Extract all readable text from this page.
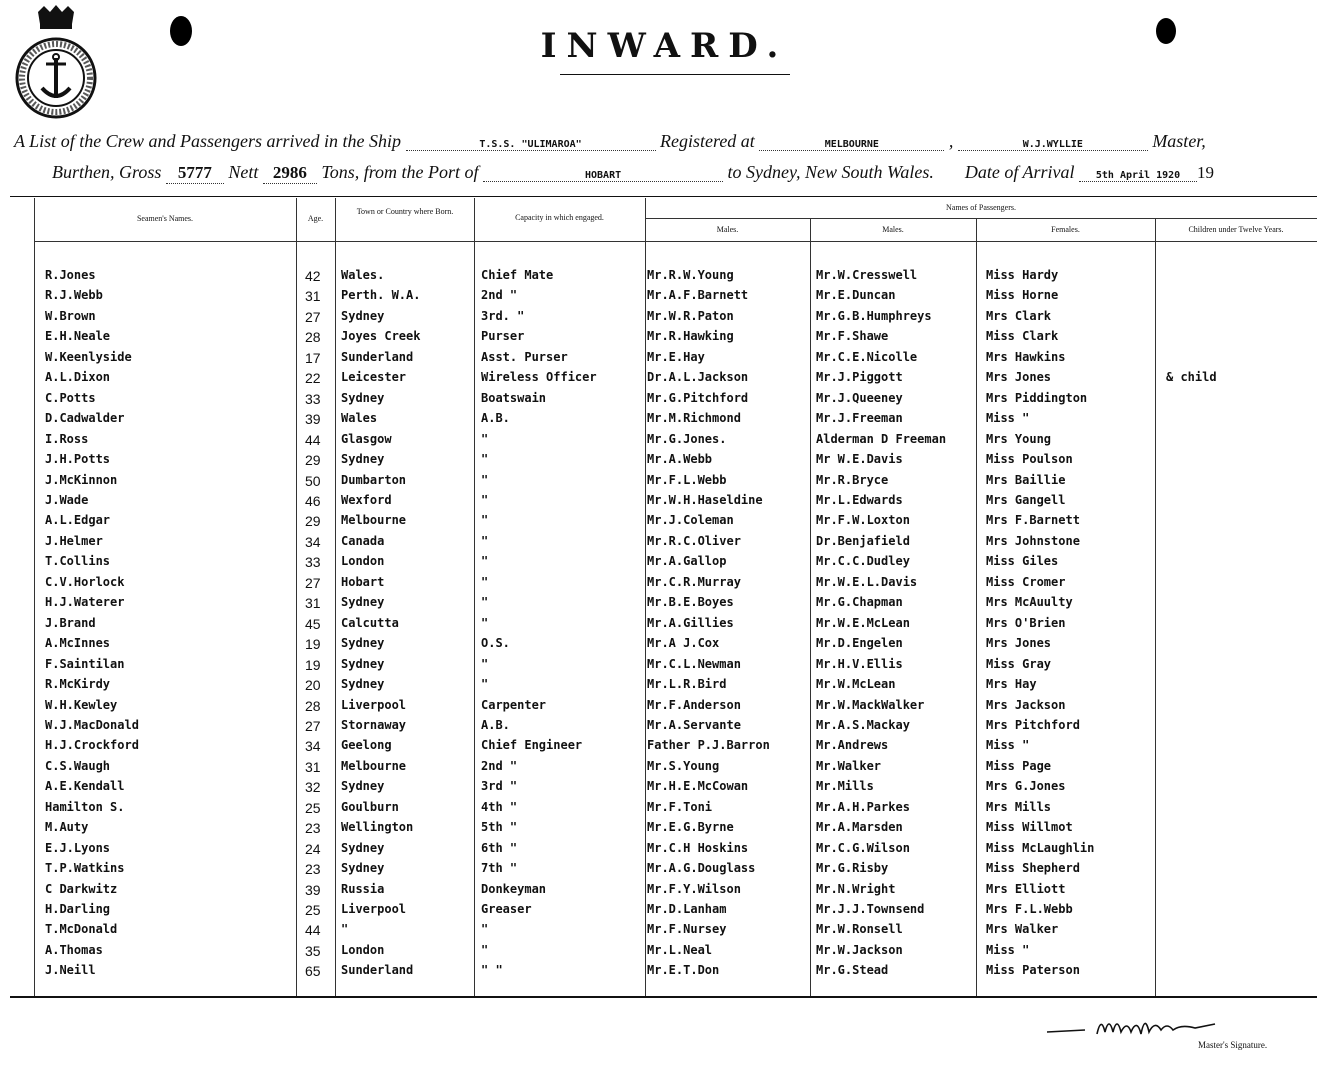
INWARD.
A List of the Crew and Passengers arrived in the Ship	T.S.S. "ULIMAROA"	Registered at	MELBOURNE	,	W.J.WYLLIE	Master,
Burthen, Gross 5777 Nett 2986 Tons, from the Port of	HOBART	to Sydney, New South Wales. Date of Arrival 5th April 1920 19
Seamen's Names.	Age.
Town or Country where Born.
Capacity in which engaged.
Names of Passengers.
Males.	Males.	Females.	Children under Twelve Years.
R.Jones	42 Wales.	Chief Mate	Mr.R.W.Young	Mr.W.Cresswell	Miss Hardy
R.J.Webb	31 Perth. W.A.	2nd "	Mr.A.F.Barnett	Mr.E.Duncan	Miss Horne
W.Brown	27 Sydney	3rd. "	Mr.W.R.Paton	Mr.G.B.Humphreys	Mrs Clark
E.H.Neale	28 Joyes Creek	Purser	Mr.R.Hawking	Mr.F.Shawe	Miss Clark
W.Keenlyside	17 Sunderland	Asst. Purser	Mr.E.Hay	Mr.C.E.Nicolle	Mrs Hawkins
A.L.Dixon	22 Leicester	Wireless Officer	Dr.A.L.Jackson	Mr.J.Piggott	Mrs Jones	& child
C.Potts	33 Sydney	Boatswain	Mr.G.Pitchford	Mr.J.Queeney	Mrs Piddington
D.Cadwalder	39 Wales	A.B.	Mr.M.Richmond	Mr.J.Freeman	Miss "
I.Ross	44 Glasgow	"	Mr.G.Jones.	Alderman D Freeman	Mrs Young
J.H.Potts	29 Sydney	"	Mr.A.Webb	Mr W.E.Davis	Miss Poulson
J.McKinnon	50 Dumbarton	"	Mr.F.L.Webb	Mr.R.Bryce	Mrs Baillie
J.Wade	46 Wexford	"	Mr.W.H.Haseldine	Mr.L.Edwards	Mrs Gangell
A.L.Edgar	29 Melbourne	"	Mr.J.Coleman	Mr.F.W.Loxton	Mrs F.Barnett
J.Helmer	34 Canada	"	Mr.R.C.Oliver	Dr.Benjafield	Mrs Johnstone
T.Collins	33 London	"	Mr.A.Gallop	Mr.C.C.Dudley	Miss Giles
C.V.Horlock	27 Hobart	"	Mr.C.R.Murray	Mr.W.E.L.Davis	Miss Cromer
H.J.Waterer	31 Sydney	"	Mr.B.E.Boyes	Mr.G.Chapman	Mrs McAuulty
J.Brand	45 Calcutta	"	Mr.A.Gillies	Mr.W.E.McLean	Mrs O'Brien
A.McInnes	19 Sydney	O.S.	Mr.A J.Cox	Mr.D.Engelen	Mrs Jones
F.Saintilan	19 Sydney	"	Mr.C.L.Newman	Mr.H.V.Ellis	Miss Gray
R.McKirdy	20 Sydney	"	Mr.L.R.Bird	Mr.W.McLean	Mrs Hay
W.H.Kewley	28 Liverpool	Carpenter	Mr.F.Anderson	Mr.W.MackWalker	Mrs Jackson
W.J.MacDonald	27 Stornaway	A.B.	Mr.A.Servante	Mr.A.S.Mackay	Mrs Pitchford
H.J.Crockford	34 Geelong	Chief Engineer	Father P.J.Barron	Mr.Andrews	Miss "
C.S.Waugh	31 Melbourne	2nd "	Mr.S.Young	Mr.Walker	Miss Page
A.E.Kendall	32 Sydney	3rd "	Mr.H.E.McCowan	Mr.Mills	Mrs G.Jones
Hamilton S.	25 Goulburn	4th "	Mr.F.Toni	Mr.A.H.Parkes	Mrs Mills
M.Auty	23 Wellington	5th "	Mr.E.G.Byrne	Mr.A.Marsden	Miss Willmot
E.J.Lyons	24 Sydney	6th "	Mr.C.H Hoskins	Mr.C.G.Wilson	Miss McLaughlin
T.P.Watkins	23 Sydney	7th "	Mr.A.G.Douglass	Mr.G.Risby	Miss Shepherd
C Darkwitz	39 Russia	Donkeyman	Mr.F.Y.Wilson	Mr.N.Wright	Mrs Elliott
H.Darling	25 Liverpool	Greaser	Mr.D.Lanham	Mr.J.J.Townsend	Mrs F.L.Webb
T.McDonald	44 "	"	Mr.F.Nursey	Mr.W.Ronsell	Mrs Walker
A.Thomas	35 London	"	Mr.L.Neal	Mr.W.Jackson	Miss "
J.Neill	65 Sunderland	" "	Mr.E.T.Don	Mr.G.Stead	Miss Paterson
Master's Signature.
